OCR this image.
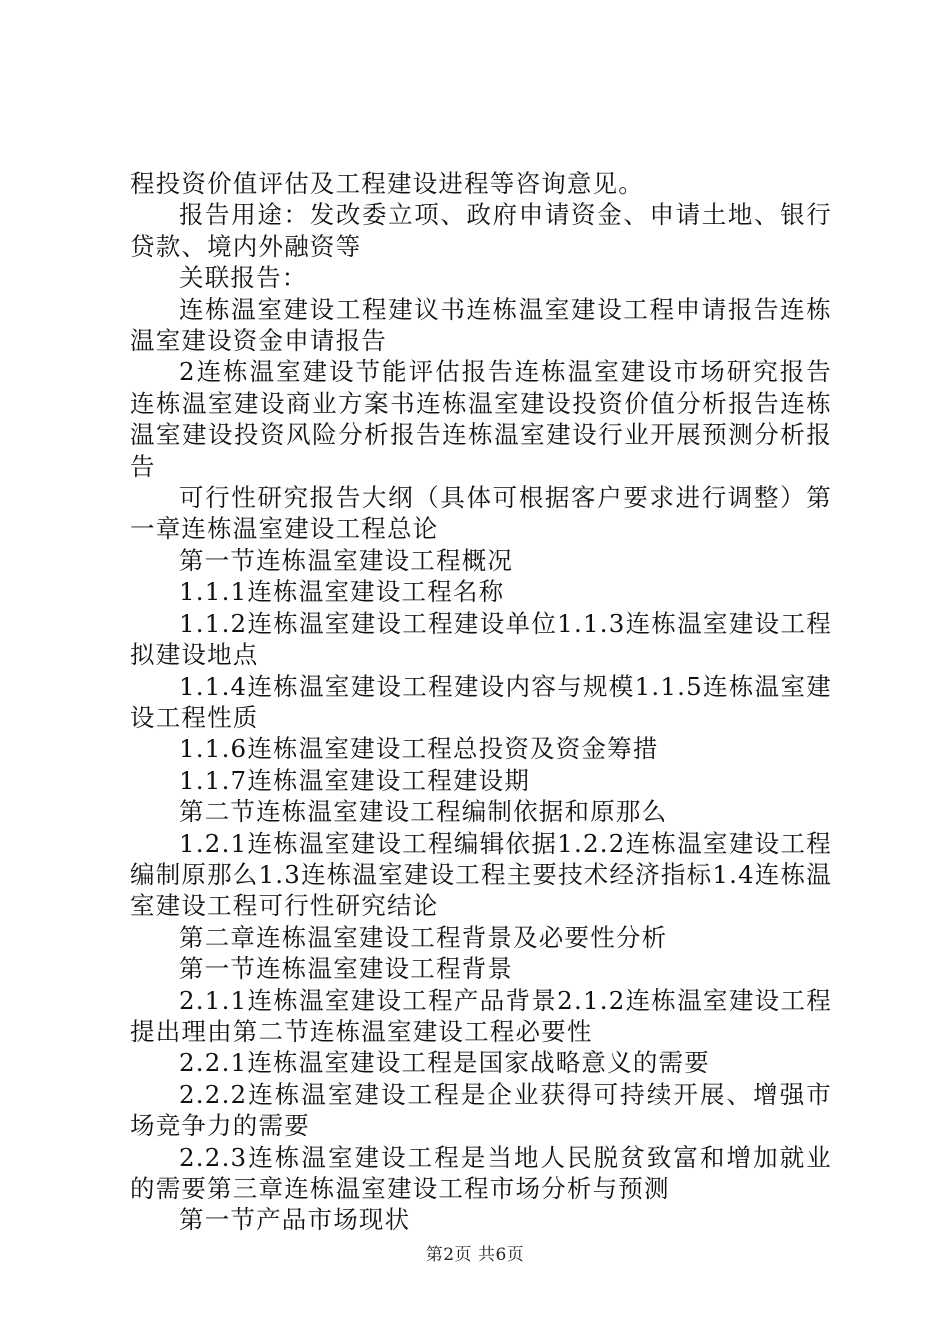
程投资价值评估及工程建设进程等咨询意见。

报告用途：发改委立项、政府申请资金、申请土地、银行贷款、境内外融资等

关联报告：

连栋温室建设工程建议书连栋温室建设工程申请报告连栋温室建设资金申请报告

2连栋温室建设节能评估报告连栋温室建设市场研究报告连栋温室建设商业方案书连栋温室建设投资价值分析报告连栋温室建设投资风险分析报告连栋温室建设行业开展预测分析报告

可行性研究报告大纲（具体可根据客户要求进行调整）第一章连栋温室建设工程总论

第一节连栋温室建设工程概况

1.1.1连栋温室建设工程名称

1.1.2连栋温室建设工程建设单位1.1.3连栋温室建设工程拟建设地点

1.1.4连栋温室建设工程建设内容与规模1.1.5连栋温室建设工程性质

1.1.6连栋温室建设工程总投资及资金筹措

1.1.7连栋温室建设工程建设期

第二节连栋温室建设工程编制依据和原那么

1.2.1连栋温室建设工程编辑依据1.2.2连栋温室建设工程编制原那么1.3连栋温室建设工程主要技术经济指标1.4连栋温室建设工程可行性研究结论

第二章连栋温室建设工程背景及必要性分析

第一节连栋温室建设工程背景

2.1.1连栋温室建设工程产品背景2.1.2连栋温室建设工程提出理由第二节连栋温室建设工程必要性

2.2.1连栋温室建设工程是国家战略意义的需要

2.2.2连栋温室建设工程是企业获得可持续开展、增强市场竞争力的需要

2.2.3连栋温室建设工程是当地人民脱贫致富和增加就业的需要第三章连栋温室建设工程市场分析与预测

第一节产品市场现状

第2页 共6页
